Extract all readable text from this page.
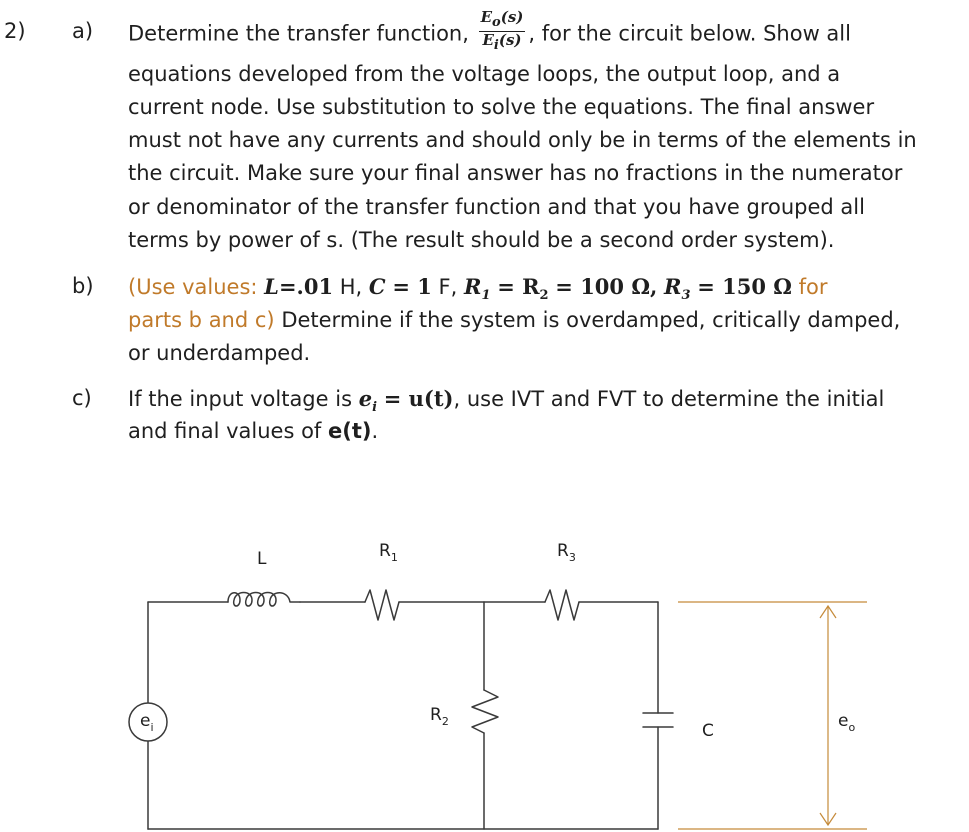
2) a)
b)
c)
Determine the transfer function, $\frac{E_o(s)}{E_i(s)}$ , for the circuit below. Show all
equations developed from the voltage loops, the output loop, and a
current node. Use substitution to solve the equations. The final answer
must not have any currents and should only be in terms of the elements in
the circuit. Make sure your final answer has no fractions in the numerator
or denominator of the transfer function and that you have grouped all
terms by power of s. (The result should be a second order system).
(Use values: L=.01 H, C = 1 F, $R_1 = R_2 = 100$ Ω, $R_3 = 150$ Ω for
parts b and c) Determine if the system is overdamped, critically damped,
or underdamped.
If the input voltage is $e_i = u(t)$, use IVT and FVT to determine the initial
and final values of e(t).
L	$R_1$	$R_3$
$R_2$	C
$e_i$	$e_o$
